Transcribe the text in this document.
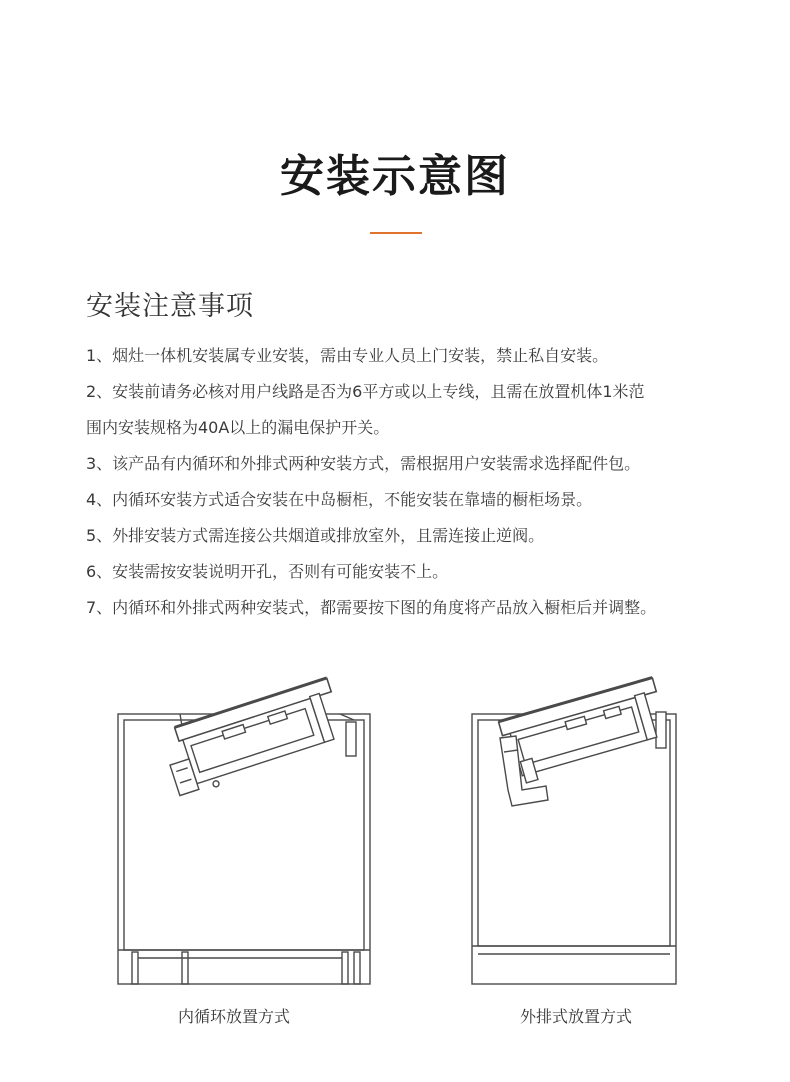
安装示意图
安装注意事项
1、烟灶一体机安装属专业安装，需由专业人员上门安装，禁止私自安装。
2、安装前请务必核对用户线路是否为6平方或以上专线，且需在放置机体1米范
围内安装规格为40A以上的漏电保护开关。
3、该产品有内循环和外排式两种安装方式，需根据用户安装需求选择配件包。
4、内循环安装方式适合安装在中岛橱柜，不能安装在靠墙的橱柜场景。
5、外排安装方式需连接公共烟道或排放室外，且需连接止逆阀。
6、安装需按安装说明开孔，否则有可能安装不上。
7、内循环和外排式两种安装式，都需要按下图的角度将产品放入橱柜后并调整。
内循环放置方式	外排式放置方式
